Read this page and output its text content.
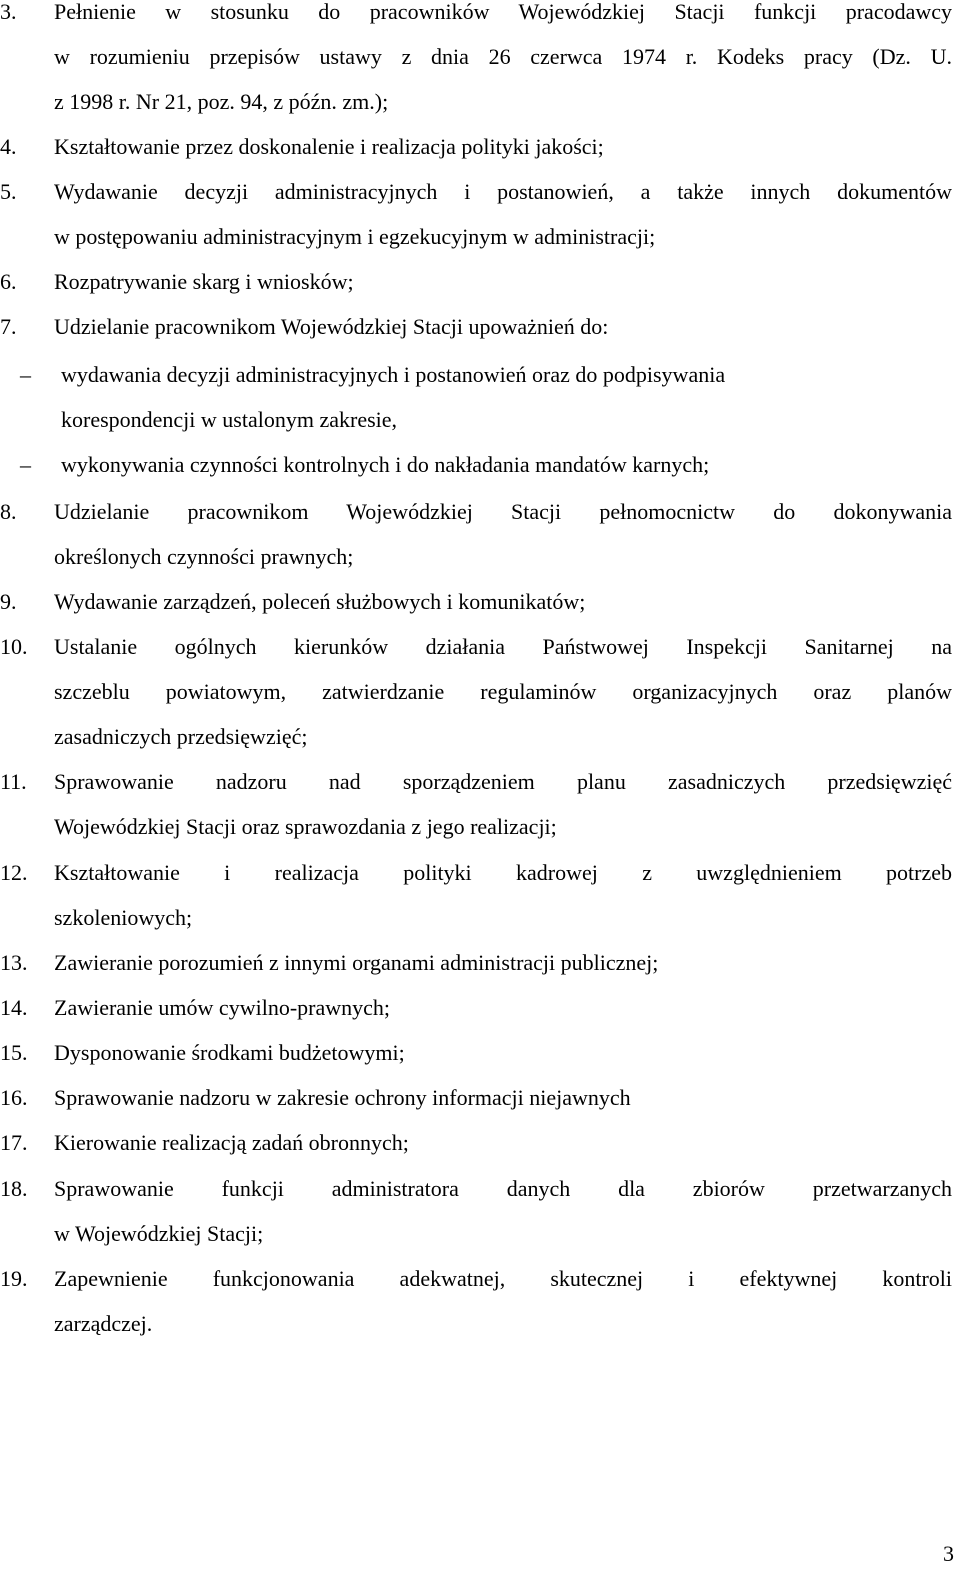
3. Pełnienie w stosunku do pracowników Wojewódzkiej Stacji funkcji pracodawcy
w rozumieniu przepisów ustawy z dnia 26 czerwca 1974 r. Kodeks pracy (Dz. U.
z 1998 r. Nr 21, poz. 94, z późn. zm.);
4. Kształtowanie przez doskonalenie i realizacja polityki jakości;
5. Wydawanie decyzji administracyjnych i postanowień, a także innych dokumentów
w postępowaniu administracyjnym i egzekucyjnym w administracji;
6. Rozpatrywanie skarg i wniosków;
7. Udzielanie pracownikom Wojewódzkiej Stacji upoważnień do:
– wydawania decyzji administracyjnych i postanowień oraz do podpisywania
korespondencji w ustalonym zakresie,
– wykonywania czynności kontrolnych i do nakładania mandatów karnych;
8. Udzielanie pracownikom Wojewódzkiej Stacji pełnomocnictw do dokonywania
określonych czynności prawnych;
9. Wydawanie zarządzeń, poleceń służbowych i komunikatów;
10. Ustalanie ogólnych kierunków działania Państwowej Inspekcji Sanitarnej na
szczeblu powiatowym, zatwierdzanie regulaminów organizacyjnych oraz planów
zasadniczych przedsięwzięć;
11. Sprawowanie nadzoru nad sporządzeniem planu zasadniczych przedsięwzięć
Wojewódzkiej Stacji oraz sprawozdania z jego realizacji;
12. Kształtowanie i realizacja polityki kadrowej z uwzględnieniem potrzeb
szkoleniowych;
13. Zawieranie porozumień z innymi organami administracji publicznej;
14. Zawieranie umów cywilno-prawnych;
15. Dysponowanie środkami budżetowymi;
16. Sprawowanie nadzoru w zakresie ochrony informacji niejawnych
17. Kierowanie realizacją zadań obronnych;
18. Sprawowanie funkcji administratora danych dla zbiorów przetwarzanych
w Wojewódzkiej Stacji;
19. Zapewnienie funkcjonowania adekwatnej, skutecznej i efektywnej kontroli
zarządczej.
3
